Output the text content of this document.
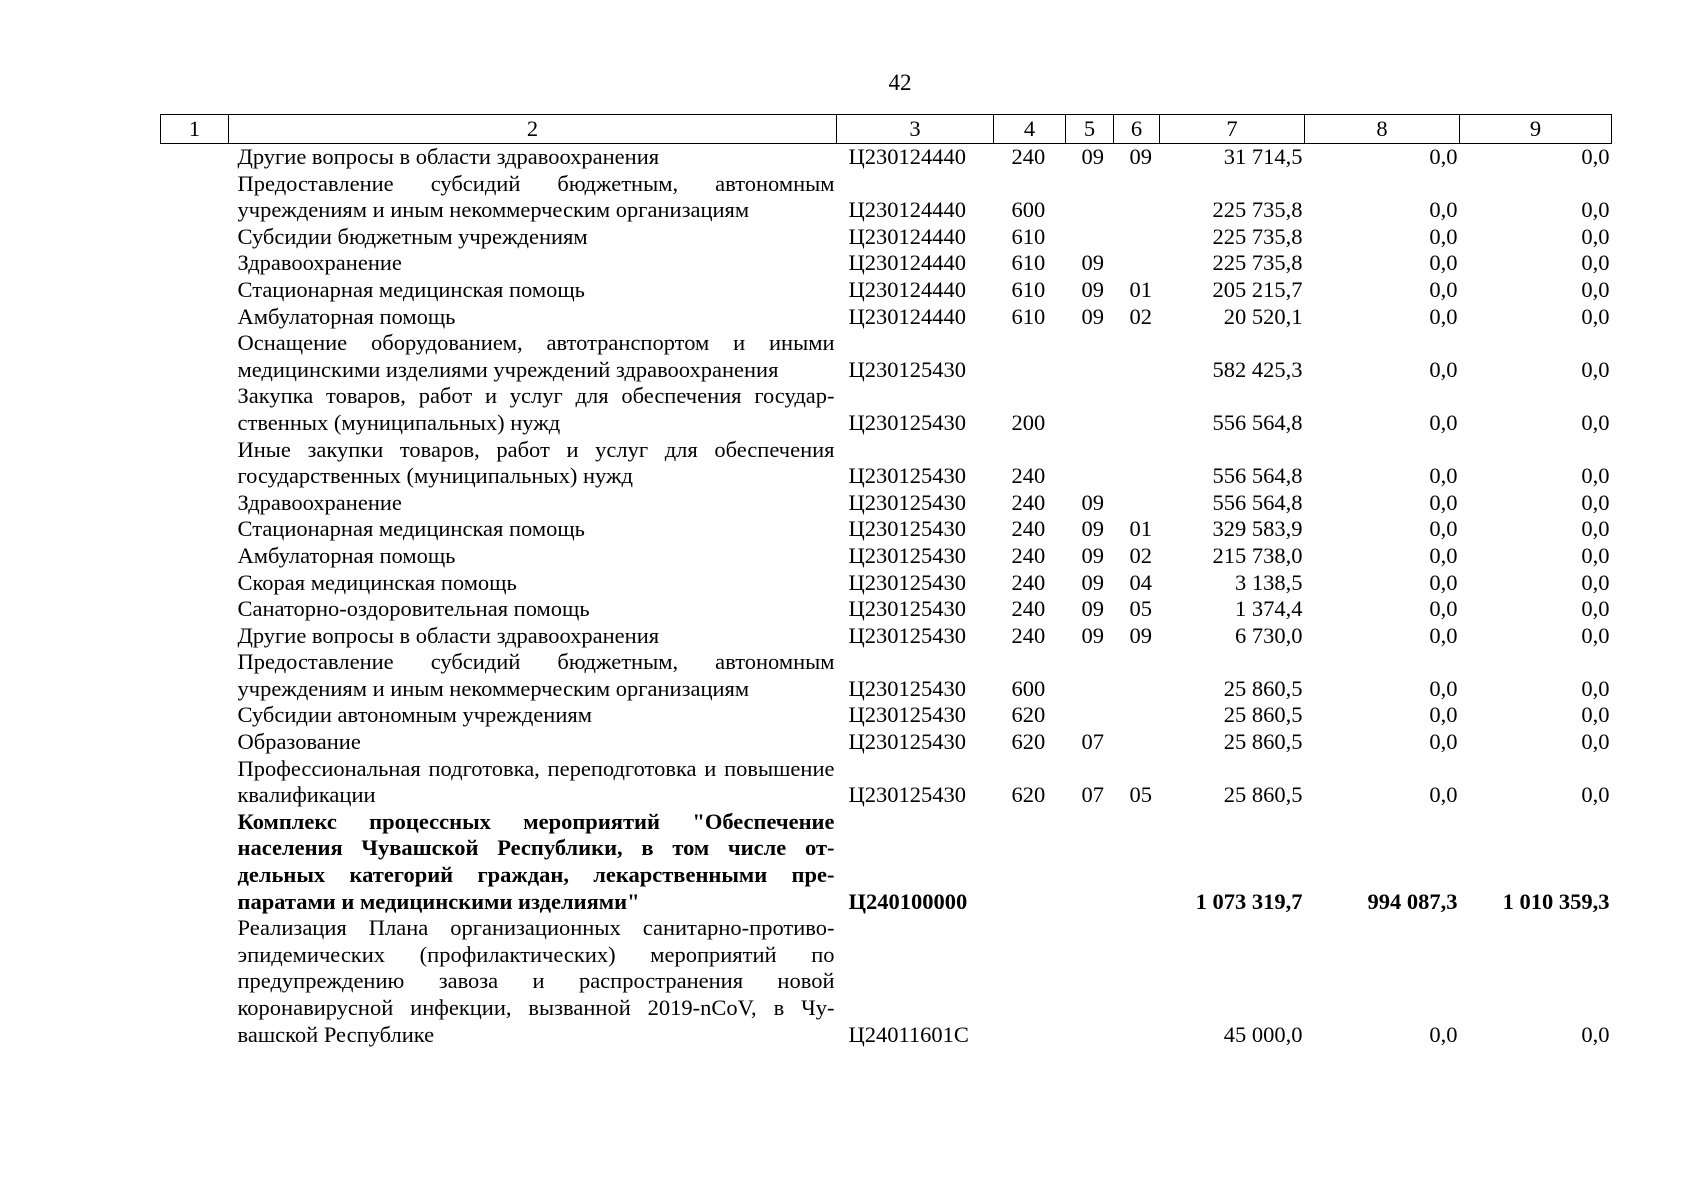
42
1	2	3	4	5	6	7	8	9
	Другие вопросы в области здравоохранения	Ц230124440	240	09	09	31 714,5	0,0	0,0
	Предоставление субсидий бюджетным, автономным учреждениям и иным некоммерческим организациям	Ц230124440	600			225 735,8	0,0	0,0
	Субсидии бюджетным учреждениям	Ц230124440	610			225 735,8	0,0	0,0
	Здравоохранение	Ц230124440	610	09		225 735,8	0,0	0,0
	Стационарная медицинская помощь	Ц230124440	610	09	01	205 215,7	0,0	0,0
	Амбулаторная помощь	Ц230124440	610	09	02	20 520,1	0,0	0,0
	Оснащение оборудованием, автотранспортом и иными медицинскими изделиями учреждений здравоохранения	Ц230125430				582 425,3	0,0	0,0
	Закупка товаров, работ и услуг для обеспечения государственных (муниципальных) нужд	Ц230125430	200			556 564,8	0,0	0,0
	Иные закупки товаров, работ и услуг для обеспечения государственных (муниципальных) нужд	Ц230125430	240			556 564,8	0,0	0,0
	Здравоохранение	Ц230125430	240	09		556 564,8	0,0	0,0
	Стационарная медицинская помощь	Ц230125430	240	09	01	329 583,9	0,0	0,0
	Амбулаторная помощь	Ц230125430	240	09	02	215 738,0	0,0	0,0
	Скорая медицинская помощь	Ц230125430	240	09	04	3 138,5	0,0	0,0
	Санаторно-оздоровительная помощь	Ц230125430	240	09	05	1 374,4	0,0	0,0
	Другие вопросы в области здравоохранения	Ц230125430	240	09	09	6 730,0	0,0	0,0
	Предоставление субсидий бюджетным, автономным учреждениям и иным некоммерческим организациям	Ц230125430	600			25 860,5	0,0	0,0
	Субсидии автономным учреждениям	Ц230125430	620			25 860,5	0,0	0,0
	Образование	Ц230125430	620	07		25 860,5	0,0	0,0
	Профессиональная подготовка, переподготовка и повышение квалификации	Ц230125430	620	07	05	25 860,5	0,0	0,0
	Комплекс процессных мероприятий "Обеспечение населения Чувашской Республики, в том числе отдельных категорий граждан, лекарственными препаратами и медицинскими изделиями"	Ц240100000				1 073 319,7	994 087,3	1 010 359,3
	Реализация Плана организационных санитарно-противо-эпидемических (профилактических) мероприятий по предупреждению завоза и распространения новой коронавирусной инфекции, вызванной 2019-nCoV, в Чувашской Республике	Ц24011601С				45 000,0	0,0	0,0
